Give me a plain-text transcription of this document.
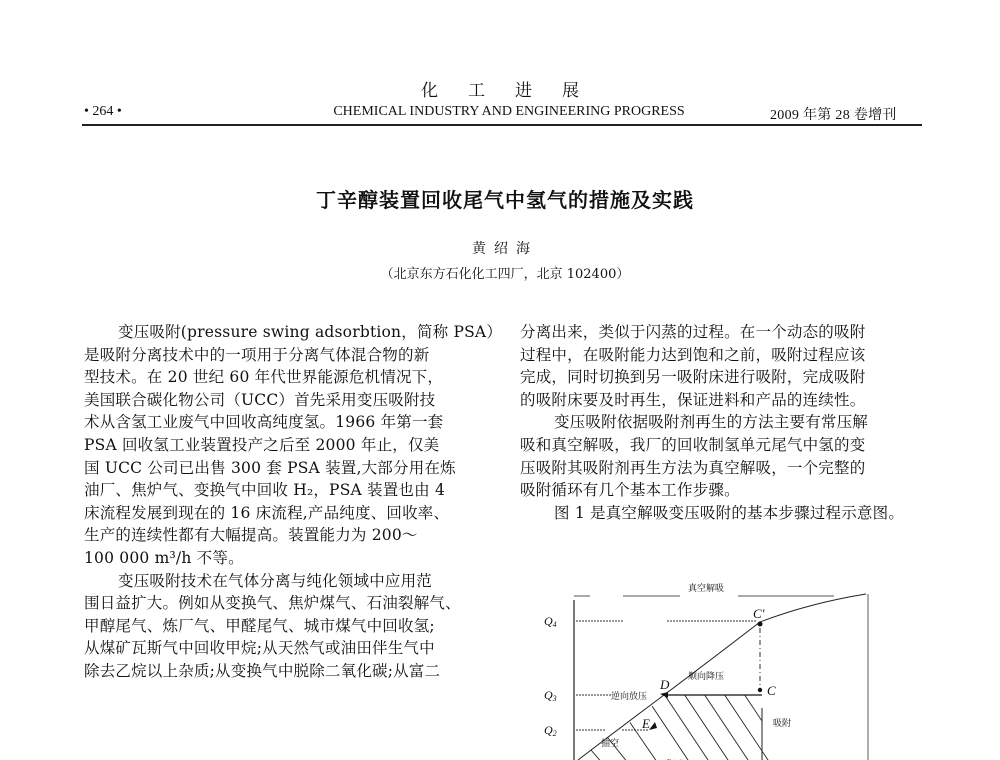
化工进展
• 264 •	CHEMICAL INDUSTRY AND ENGINEERING PROGRESS	2009 年第 28 卷增刊
丁辛醇装置回收尾气中氢气的措施及实践
黄绍海
（北京东方石化化工四厂，北京 102400）
变压吸附(pressure swing adsorbtion，简称 PSA）
是吸附分离技术中的一项用于分离气体混合物的新
型技术。在 20 世纪 60 年代世界能源危机情况下，
美国联合碳化物公司（UCC）首先采用变压吸附技
术从含氢工业废气中回收高纯度氢。1966 年第一套
PSA 回收氢工业装置投产之后至 2000 年止，仅美
国 UCC 公司已出售 300 套 PSA 装置,大部分用在炼
油厂、焦炉气、变换气中回收 H₂，PSA 装置也由 4
床流程发展到现在的 16 床流程,产品纯度、回收率、
生产的连续性都有大幅提高。装置能力为 200～
100 000 m³/h 不等。
变压吸附技术在气体分离与纯化领域中应用范
围日益扩大。例如从变换气、焦炉煤气、石油裂解气、
甲醇尾气、炼厂气、甲醛尾气、城市煤气中回收氢;
从煤矿瓦斯气中回收甲烷;从天然气或油田伴生气中
除去乙烷以上杂质;从变换气中脱除二氧化碳;从富二
分离出来，类似于闪蒸的过程。在一个动态的吸附
过程中，在吸附能力达到饱和之前，吸附过程应该
完成，同时切换到另一吸附床进行吸附，完成吸附
的吸附床要及时再生，保证进料和产品的连续性。
变压吸附依据吸附剂再生的方法主要有常压解
吸和真空解吸，我厂的回收制氢单元尾气中氢的变
压吸附其吸附剂再生方法为真空解吸，一个完整的
吸附循环有几个基本工作步骤。
图 1 是真空解吸变压吸附的基本步骤过程示意图。
真空解吸
Q4
Q3
Q2
C'
D	C
E
顺向降压
逆向放压
吸附
抽空
